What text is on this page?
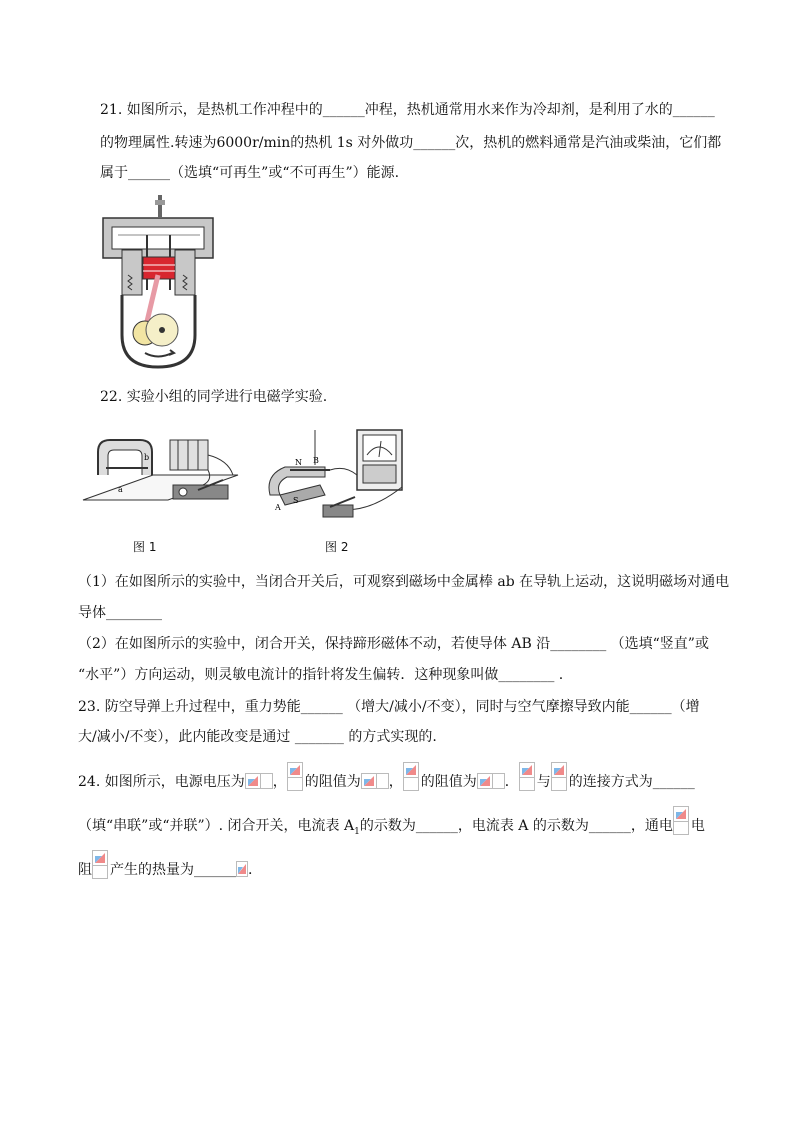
21. 如图所示，是热机工作冲程中的______冲程，热机通常用水来作为冷却剂，是利用了水的______
的物理属性.转速为6000r/min的热机 1s 对外做功______次，热机的燃料通常是汽油或柴油，它们都
属于______（选填“可再生”或“不可再生”）能源.
22. 实验小组的同学进行电磁学实验.
b
a
图 1
N B
A
S
图 2
（1）在如图所示的实验中，当闭合开关后，可观察到磁场中金属棒 ab 在导轨上运动，这说明磁场对通电
导体________
（2）在如图所示的实验中，闭合开关，保持蹄形磁体不动，若使导体 AB 沿________ （选填“竖直”或
“水平”）方向运动，则灵敏电流计的指针将发生偏转．这种现象叫做________ .
23. 防空导弹上升过程中，重力势能______ （增大/减小/不变），同时与空气摩擦导致内能______（增
大/减小/不变），此内能改变是通过 _______ 的方式实现的.
24. 如图所示，电源电压为 ， 的阻值为 ， 的阻值为 ． 与 的连接方式为______
（填“串联”或“并联”）. 闭合开关，电流表 $A_1$的示数为______，电流表 A 的示数为______，通电 电
阻 产生的热量为______ .
